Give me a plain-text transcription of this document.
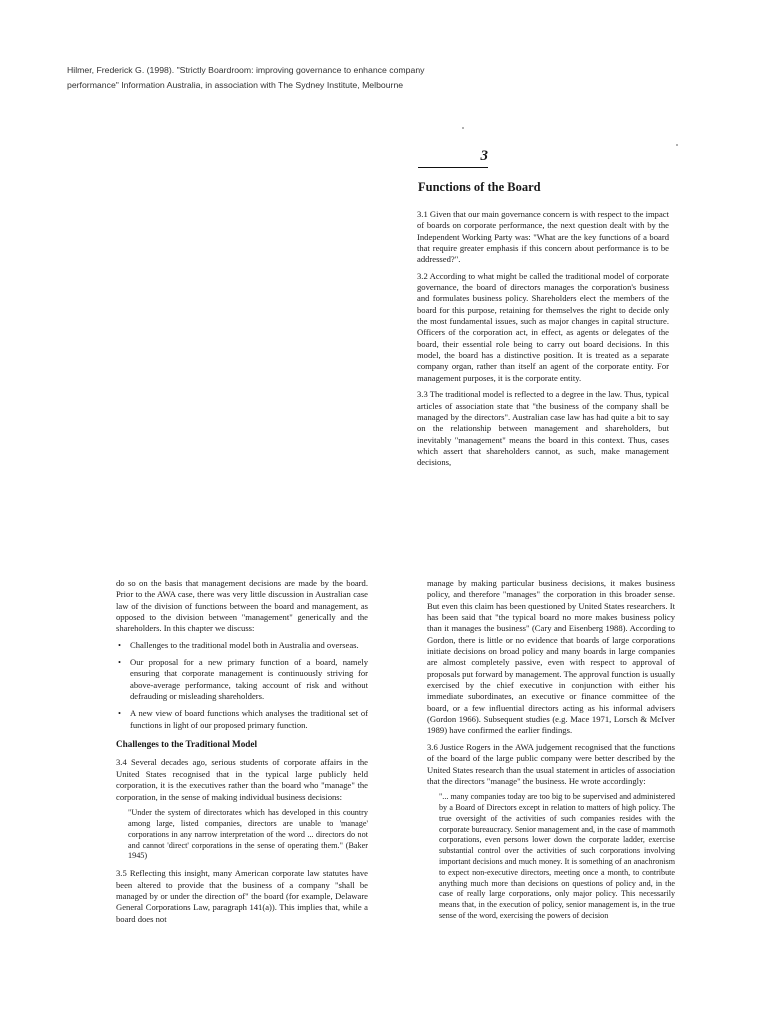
Hilmer, Frederick G. (1998). "Strictly Boardroom: improving governance to enhance company
performance" Information Australia, in association with The Sydney Institute, Melbourne
3
Functions of the Board

3.1 Given that our main governance concern is with respect to the impact of boards on corporate performance, the next question dealt with by the Independent Working Party was: "What are the key functions of a board that require greater emphasis if this concern about performance is to be addressed?".

3.2 According to what might be called the traditional model of corporate governance, the board of directors manages the corporation's business and formulates business policy. Shareholders elect the members of the board for this purpose, retaining for themselves the right to decide only the most fundamental issues, such as major changes in capital structure. Officers of the corporation act, in effect, as agents or delegates of the board, their essential role being to carry out board decisions. In this model, the board has a distinctive position. It is treated as a separate company organ, rather than itself an agent of the corporate entity. For management purposes, it is the corporate entity.

3.3 The traditional model is reflected to a degree in the law. Thus, typical articles of association state that "the business of the company shall be managed by the directors". Australian case law has had quite a bit to say on the relationship between management and shareholders, but inevitably "management" means the board in this context. Thus, cases which assert that shareholders cannot, as such, make management decisions,

do so on the basis that management decisions are made by the board. Prior to the AWA case, there was very little discussion in Australian case law of the division of functions between the board and management, as opposed to the division between "management" generically and the shareholders. In this chapter we discuss:

• Challenges to the traditional model both in Australia and overseas.
• Our proposal for a new primary function of a board, namely ensuring that corporate management is continuously striving for above-average performance, taking account of risk and without defrauding or misleading shareholders.
• A new view of board functions which analyses the traditional set of functions in light of our proposed primary function.
Challenges to the Traditional Model

3.4 Several decades ago, serious students of corporate affairs in the United States recognised that in the typical large publicly held corporation, it is the executives rather than the board who "manage" the corporation, in the sense of making individual business decisions:

"Under the system of directorates which has developed in this country among large, listed companies, directors are unable to 'manage' corporations in any narrow interpretation of the word ... directors do not and cannot 'direct' corporations in the sense of operating them." (Baker 1945)

3.5 Reflecting this insight, many American corporate law statutes have been altered to provide that the business of a company "shall be managed by or under the direction of" the board (for example, Delaware General Corporations Law, paragraph 141(a)). This implies that, while a board does not

manage by making particular business decisions, it makes business policy, and therefore "manages" the corporation in this broader sense. But even this claim has been questioned by United States researchers. It has been said that "the typical board no more makes business policy than it manages the business" (Cary and Eisenberg 1988). According to Gordon, there is little or no evidence that boards of large corporations initiate decisions on broad policy and many boards in large companies are almost completely passive, even with respect to approval of proposals put forward by management. The approval function is usually exercised by the chief executive in conjunction with either his immediate subordinates, an executive or finance committee of the board, or a few influential directors acting as his informal advisers (Gordon 1966). Subsequent studies (e.g. Mace 1971, Lorsch & McIver 1989) have confirmed the earlier findings.

3.6 Justice Rogers in the AWA judgement recognised that the functions of the board of the large public company were better described by the United States research than the usual statement in articles of association that the directors "manage" the business. He wrote accordingly:

"... many companies today are too big to be supervised and administered by a Board of Directors except in relation to matters of high policy. The true oversight of the activities of such companies resides with the corporate bureaucracy. Senior management and, in the case of mammoth corporations, even persons lower down the corporate ladder, exercise substantial control over the activities of such corporations involving important decisions and much money. It is something of an anachronism to expect non-executive directors, meeting once a month, to contribute anything much more than decisions on questions of policy and, in the case of really large corporations, only major policy. This necessarily means that, in the execution of policy, senior management is, in the true sense of the word, exercising the powers of decision
